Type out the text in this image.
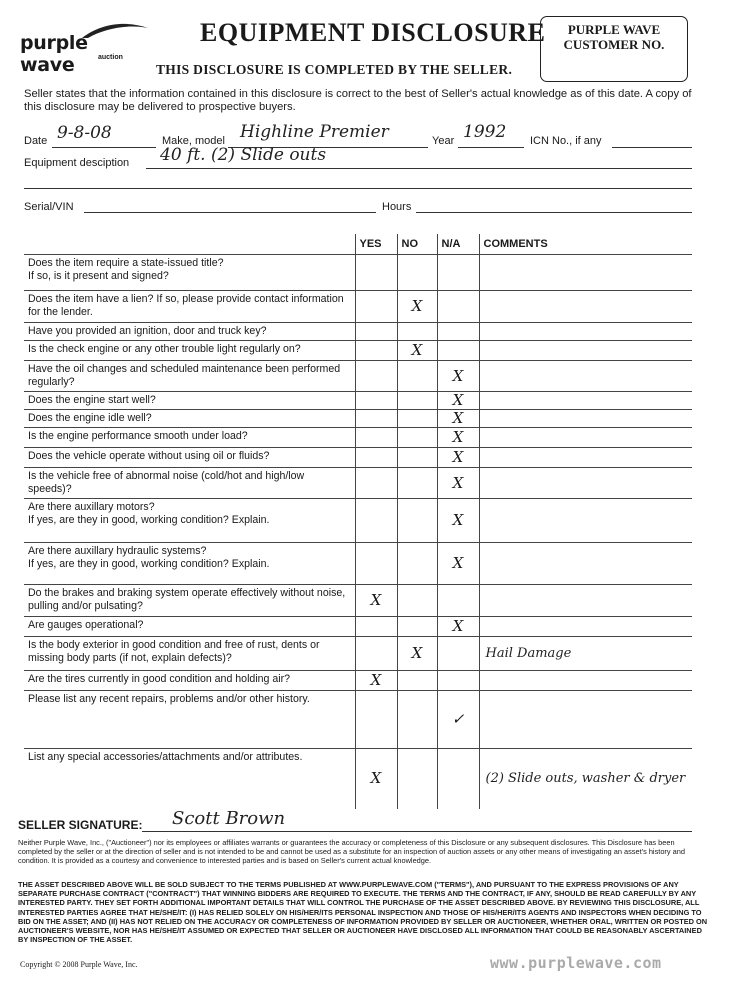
purple wave	auction
EQUIPMENT DISCLOSURE
THIS DISCLOSURE IS COMPLETED BY THE SELLER.
PURPLE WAVE
CUSTOMER NO.
Seller states that the information contained in this disclosure is correct to the best of Seller's actual knowledge as of this date. A copy of this disclosure may be delivered to prospective buyers.
Date 9-8-08	Make, model Highline Premier	Year 1992 ICN No., if any
Equipment desciption 40 ft. (2) Slide outs
Serial/VIN	Hours
	YES	NO	N/A	COMMENTS
Does the item require a state-issued title?
If so, is it present and signed?				
Does the item have a lien? If so, please provide contact information for the lender.		X		
Have you provided an ignition, door and truck key?				
Is the check engine or any other trouble light regularly on?		X		
Have the oil changes and scheduled maintenance been performed regularly?			X	
Does the engine start well?			X	
Does the engine idle well?			X	
Is the engine performance smooth under load?			X	
Does the vehicle operate without using oil or fluids?			X	
Is the vehicle free of abnormal noise (cold/hot and high/low speeds)?			X	
Are there auxillary motors?
If yes, are they in good, working condition? Explain.			X	
Are there auxillary hydraulic systems?
If yes, are they in good, working condition? Explain.			X	
Do the brakes and braking system operate effectively without noise, pulling and/or pulsating?	X			
Are gauges operational?			X	
Is the body exterior in good condition and free of rust, dents or missing body parts (if not, explain defects)?		X		Hail Damage
Are the tires currently in good condition and holding air?	X			
Please list any recent repairs, problems and/or other history.			✓	
List any special accessories/attachments and/or attributes.	X			(2) Slide outs, washer & dryer
SELLER SIGNATURE: Scott Brown
Neither Purple Wave, Inc., ("Auctioneer") nor its employees or affiliates warrants or guarantees the accuracy or completeness of this Disclosure or any subsequent disclosures. This Disclosure has been completed by the seller or at the direction of seller and is not intended to be and cannot be used as a substitute for an inspection of auction assets or any other means of investigating an asset's history and condition. It is provided as a courtesy and convenience to interested parties and is based on Seller's current actual knowledge.
THE ASSET DESCRIBED ABOVE WILL BE SOLD SUBJECT TO THE TERMS PUBLISHED AT WWW.PURPLEWAVE.COM ("TERMS"), AND PURSUANT TO THE EXPRESS PROVISIONS OF ANY SEPARATE PURCHASE CONTRACT ("CONTRACT") THAT WINNING BIDDERS ARE REQUIRED TO EXECUTE. THE TERMS AND THE CONTRACT, IF ANY, SHOULD BE READ CAREFULLY BY ANY INTERESTED PARTY. THEY SET FORTH ADDITIONAL IMPORTANT DETAILS THAT WILL CONTROL THE PURCHASE OF THE ASSET DESCRIBED ABOVE. BY REVIEWING THIS DISCLOSURE, ALL INTERESTED PARTIES AGREE THAT HE/SHE/IT: (I) HAS RELIED SOLELY ON HIS/HER/ITS PERSONAL INSPECTION AND THOSE OF HIS/HER/ITS AGENTS AND INSPECTORS WHEN DECIDING TO BID ON THE ASSET; AND (II) HAS NOT RELIED ON THE ACCURACY OR COMPLETENESS OF INFORMATION PROVIDED BY SELLER OR AUCTIONEER, WHETHER ORAL, WRITTEN OR POSTED ON AUCTIONEER'S WEBSITE, NOR HAS HE/SHE/IT ASSUMED OR EXPECTED THAT SELLER OR AUCTIONEER HAVE DISCLOSED ALL INFORMATION THAT COULD BE REASONABLY ASCERTAINED BY INSPECTION OF THE ASSET.
Copyright © 2008 Purple Wave, Inc.	www.purplewave.com
